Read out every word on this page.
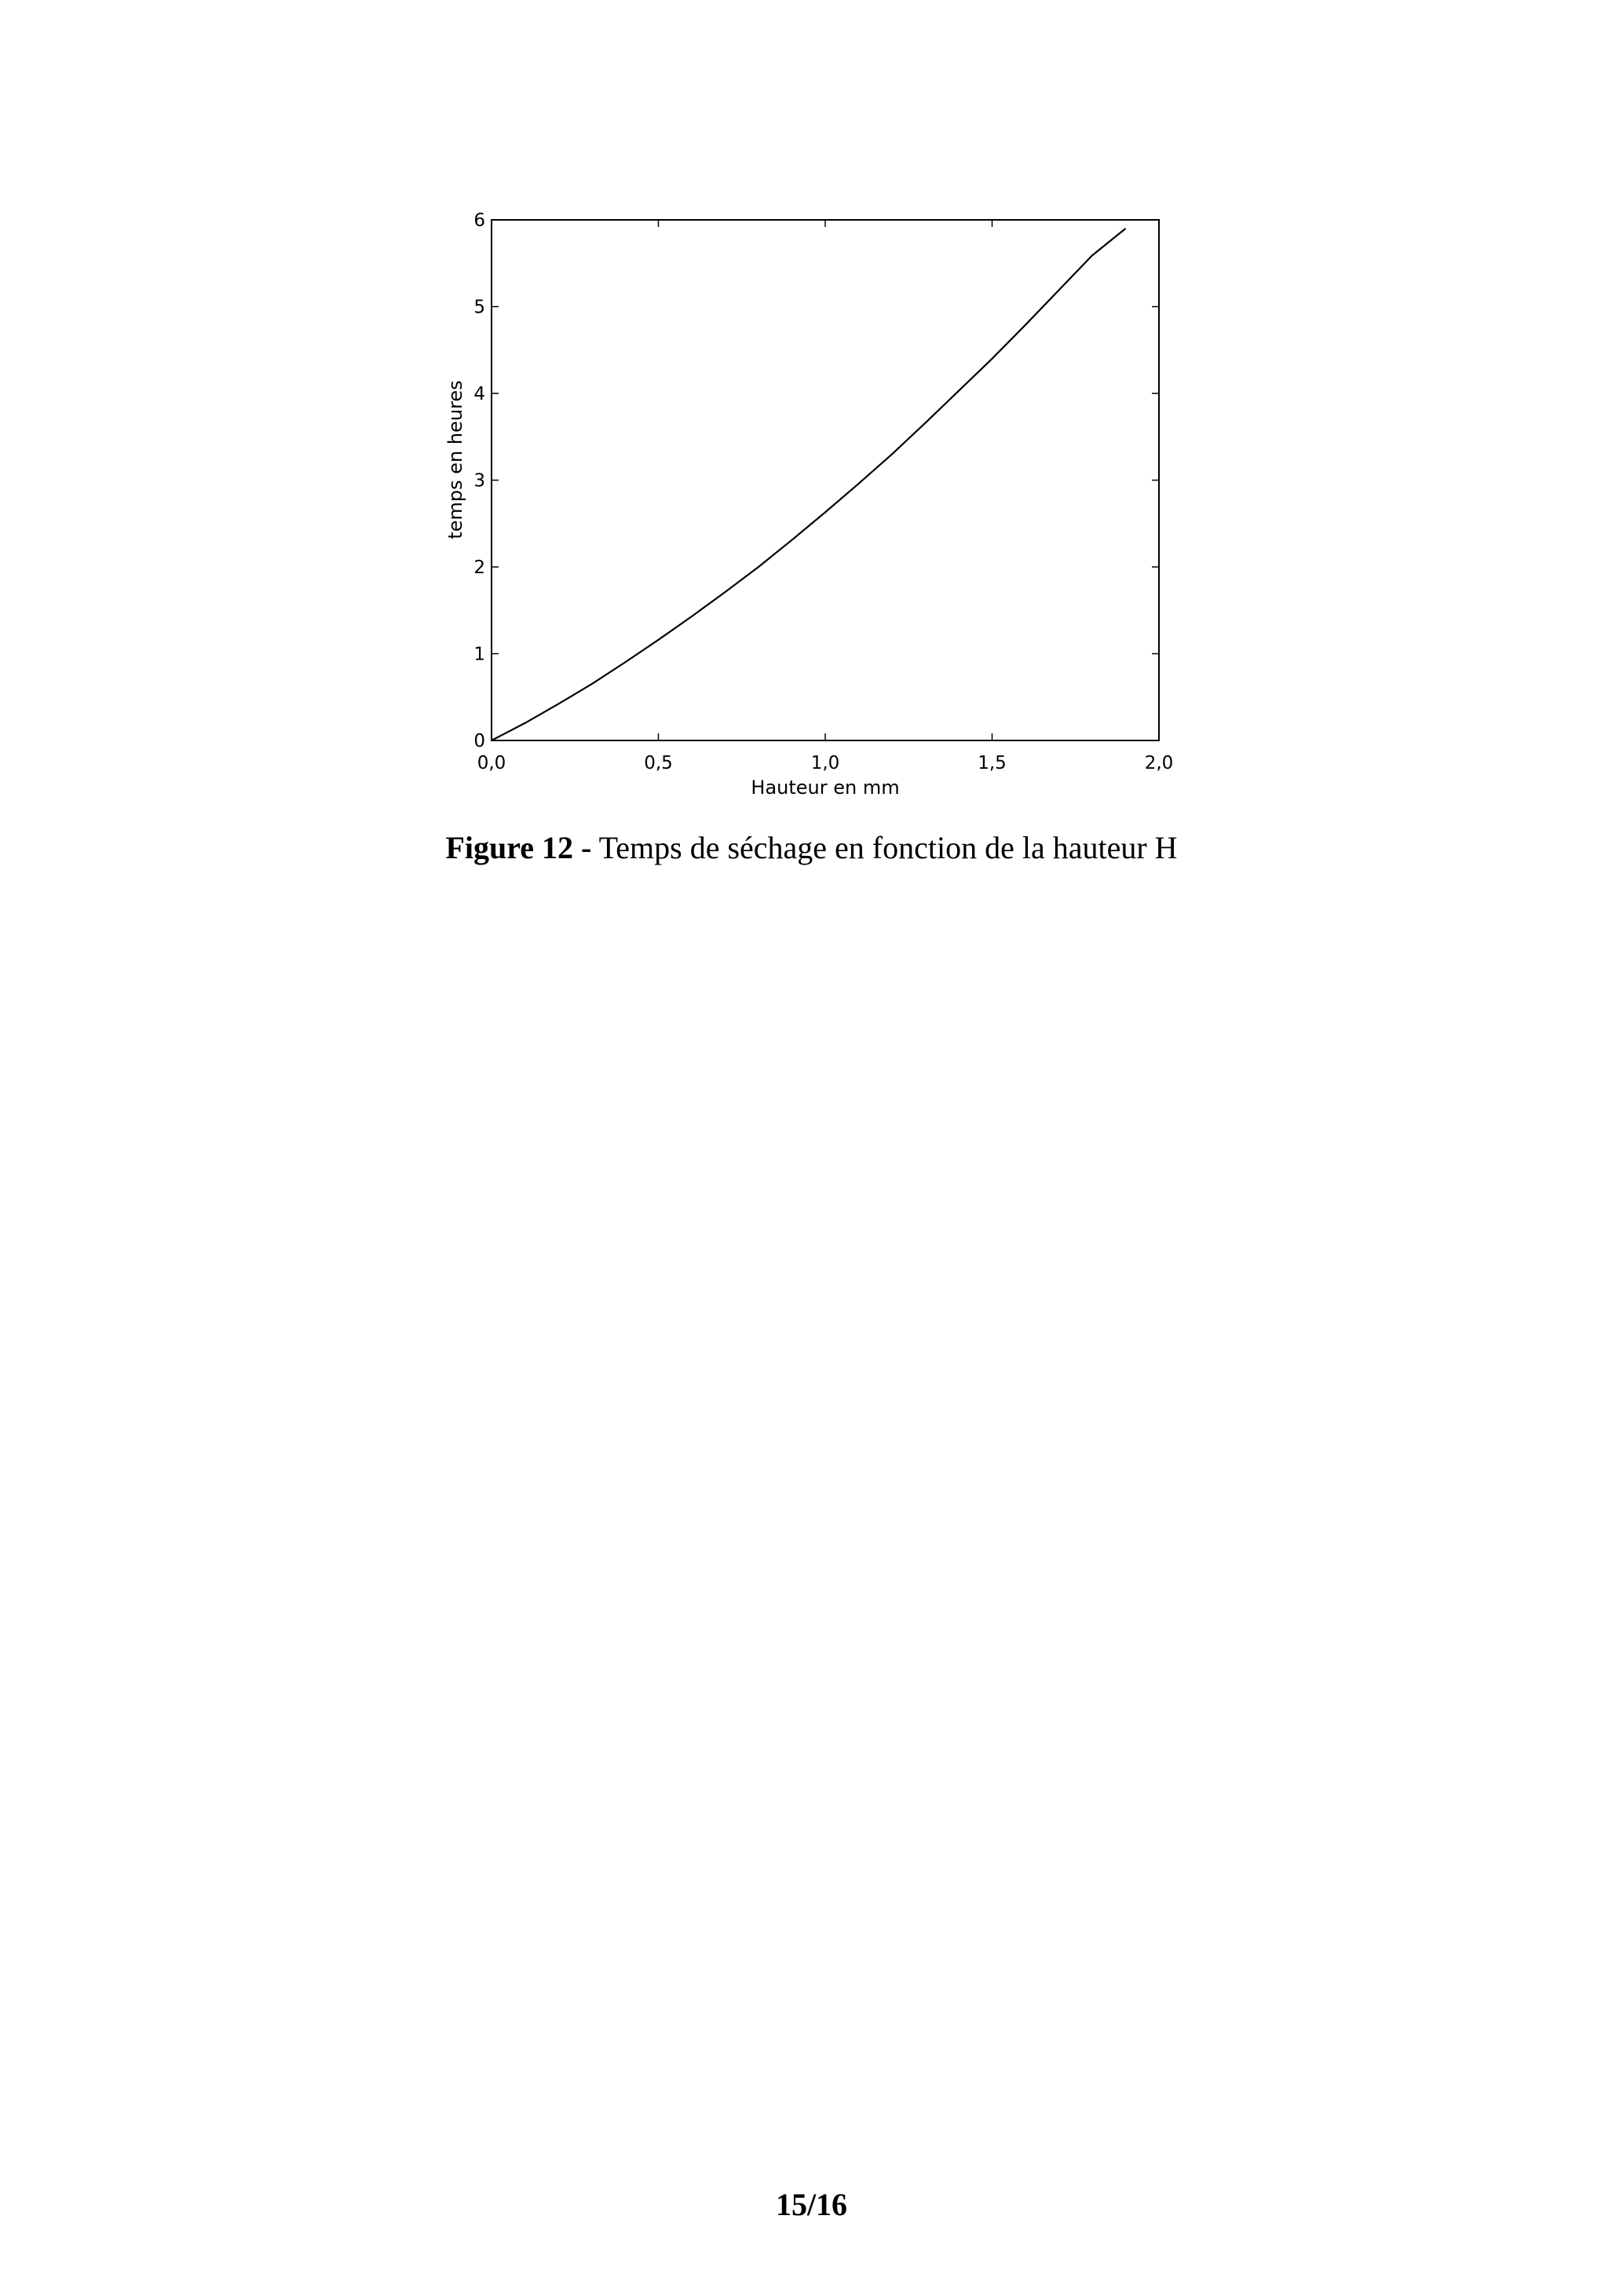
0,0	0,5	1,0	1,5	2,0
0
1
2
3
4
5
6
Hauteur en mm
temps en heures
Figure 12 - Temps de séchage en fonction de la hauteur H
15/16
